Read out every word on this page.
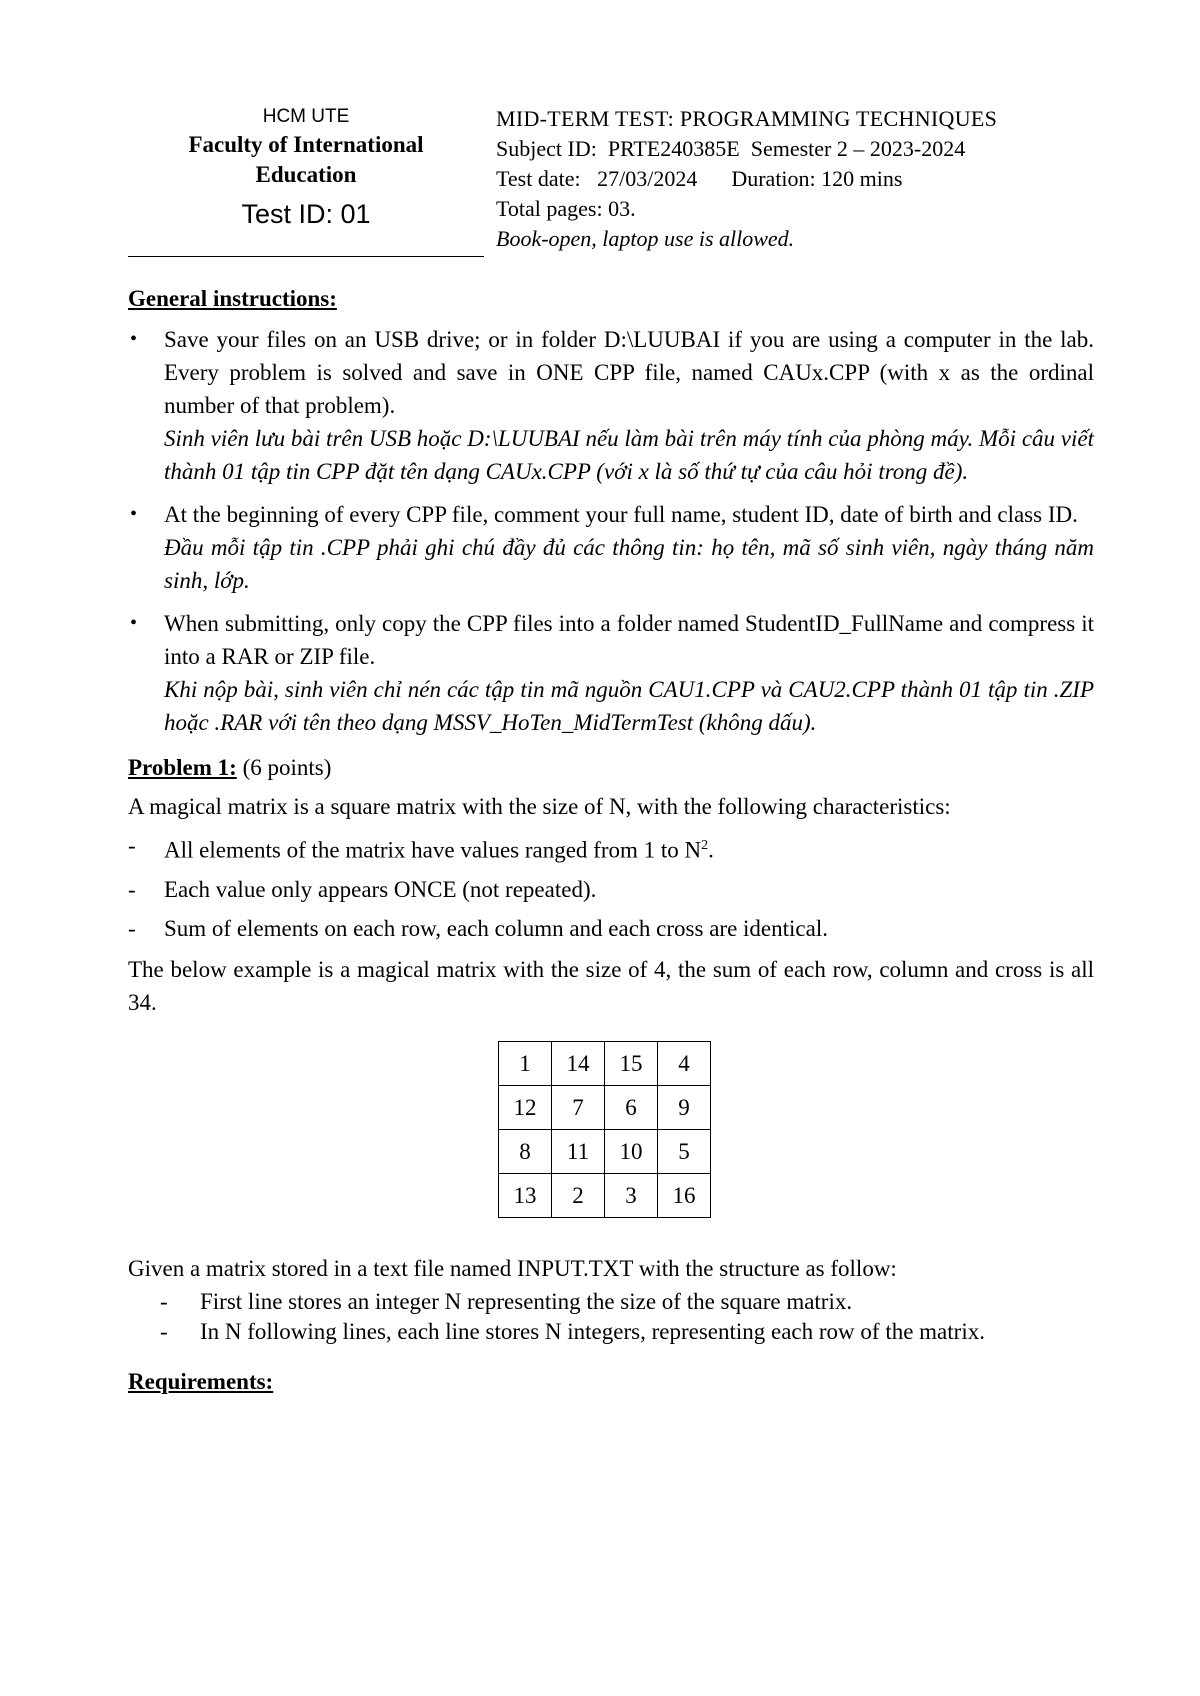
HCM UTE
Faculty of International
Education
Test ID: 01
MID-TERM TEST: PROGRAMMING TECHNIQUES
Subject ID: PRTE240385E Semester 2 – 2023-2024
Test date: 27/03/2024 Duration: 120 mins
Total pages: 03.
Book-open, laptop use is allowed.
General instructions:
• Save your files on an USB drive; or in folder D:\LUUBAI if you are using a computer in the lab. Every problem is solved and save in ONE CPP file, named CAUx.CPP (with x as the ordinal number of that problem).
Sinh viên lưu bài trên USB hoặc D:\LUUBAI nếu làm bài trên máy tính của phòng máy. Mỗi câu viết thành 01 tập tin CPP đặt tên dạng CAUx.CPP (với x là số thứ tự của câu hỏi trong đề).
• At the beginning of every CPP file, comment your full name, student ID, date of birth and class ID.
Đầu mỗi tập tin .CPP phải ghi chú đầy đủ các thông tin: họ tên, mã số sinh viên, ngày tháng năm sinh, lớp.
• When submitting, only copy the CPP files into a folder named StudentID_FullName and compress it into a RAR or ZIP file.
Khi nộp bài, sinh viên chỉ nén các tập tin mã nguồn CAU1.CPP và CAU2.CPP thành 01 tập tin .ZIP hoặc .RAR với tên theo dạng MSSV_HoTen_MidTermTest (không dấu).
Problem 1: (6 points)

A magical matrix is a square matrix with the size of N, with the following characteristics:

- All elements of the matrix have values ranged from 1 to $N^2$.
- Each value only appears ONCE (not repeated).
- Sum of elements on each row, each column and each cross are identical.

The below example is a magical matrix with the size of 4, the sum of each row, column and cross is all 34.

1	14	15	4
12	7	6	9
8	11	10	5
13	2	3	16

Given a matrix stored in a text file named INPUT.TXT with the structure as follow:

- First line stores an integer N representing the size of the square matrix.
- In N following lines, each line stores N integers, representing each row of the matrix.
Requirements:
